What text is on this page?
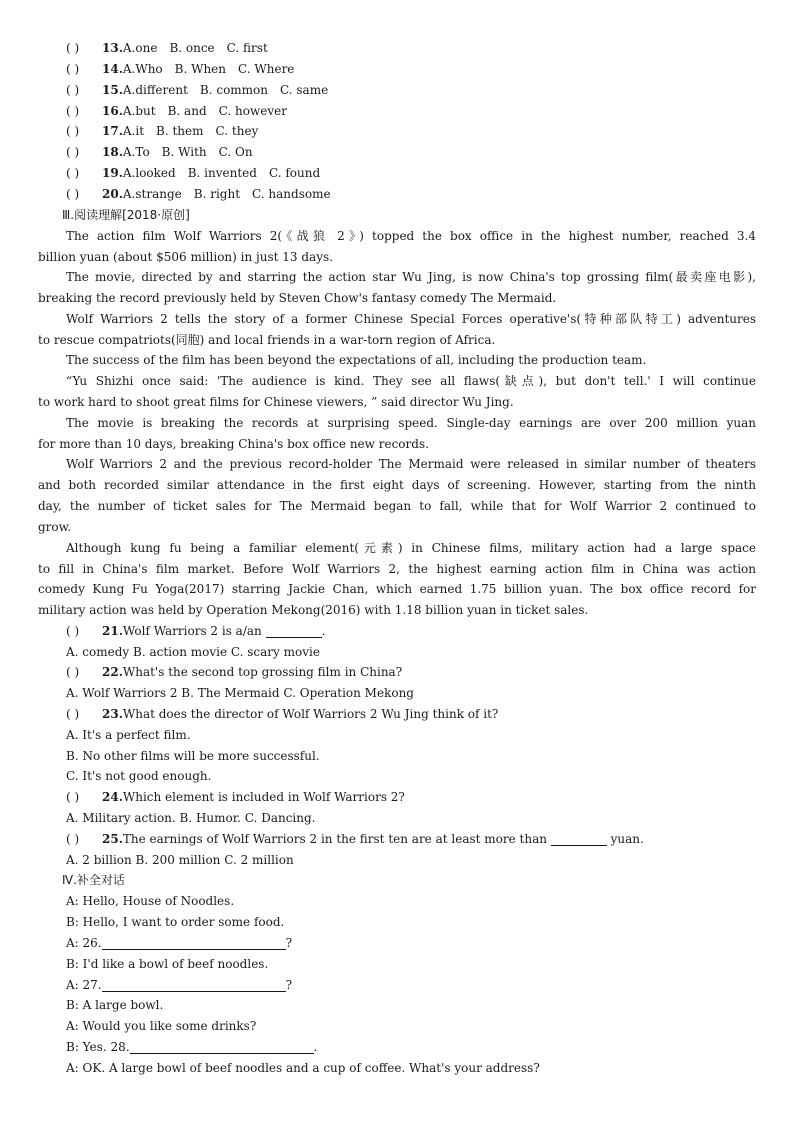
( ) 13.A.one B. once C. first
( ) 14.A.Who B. When C. Where
( ) 15.A.different B. common C. same
( ) 16.A.but B. and C. however
( ) 17.A.it B. them C. they
( ) 18.A.To B. With C. On
( ) 19.A.looked B. invented C. found
( ) 20.A.strange B. right C. handsome
Ⅲ.阅读理解[2018·原创]
The action film Wolf Warriors 2(《战狼 2》) topped the box office in the highest number, reached 3.4
billion yuan (about $506 million) in just 13 days.
The movie, directed by and starring the action star Wu Jing, is now China's top grossing film(最卖座电影),
breaking the record previously held by Steven Chow's fantasy comedy The Mermaid.
Wolf Warriors 2 tells the story of a former Chinese Special Forces operative's(特种部队特工) adventures
to rescue compatriots(同胞) and local friends in a war-torn region of Africa.
The success of the film has been beyond the expectations of all, including the production team.
“Yu Shizhi once said: 'The audience is kind. They see all flaws(缺点), but don't tell.' I will continue
to work hard to shoot great films for Chinese viewers, ” said director Wu Jing.
The movie is breaking the records at surprising speed. Single-day earnings are over 200 million yuan
for more than 10 days, breaking China's box office new records.
Wolf Warriors 2 and the previous record-holder The Mermaid were released in similar number of theaters
and both recorded similar attendance in the first eight days of screening. However, starting from the ninth
day, the number of ticket sales for The Mermaid began to fall, while that for Wolf Warrior 2 continued to
grow.
Although kung fu being a familiar element(元素) in Chinese films, military action had a large space
to fill in China's film market. Before Wolf Warriors 2, the highest earning action film in China was action
comedy Kung Fu Yoga(2017) starring Jackie Chan, which earned 1.75 billion yuan. The box office record for
military action was held by Operation Mekong(2016) with 1.18 billion yuan in ticket sales.
( ) 21.Wolf Warriors 2 is a/an	.
A. comedy B. action movie C. scary movie
( ) 22.What's the second top grossing film in China?
A. Wolf Warriors 2 B. The Mermaid C. Operation Mekong
( ) 23.What does the director of Wolf Warriors 2 Wu Jing think of it?
A. It's a perfect film.
B. No other films will be more successful.
C. It's not good enough.
( ) 24.Which element is included in Wolf Warriors 2?
A. Military action. B. Humor. C. Dancing.
( ) 25.The earnings of Wolf Warriors 2 in the first ten are at least more than	yuan.
A. 2 billion B. 200 million C. 2 million
Ⅳ.补全对话
A: Hello, House of Noodles.
B: Hello, I want to order some food.
A: 26.	?
B: I'd like a bowl of beef noodles.
A: 27.	?
B: A large bowl.
A: Would you like some drinks?
B: Yes. 28.	.
A: OK. A large bowl of beef noodles and a cup of coffee. What's your address?
